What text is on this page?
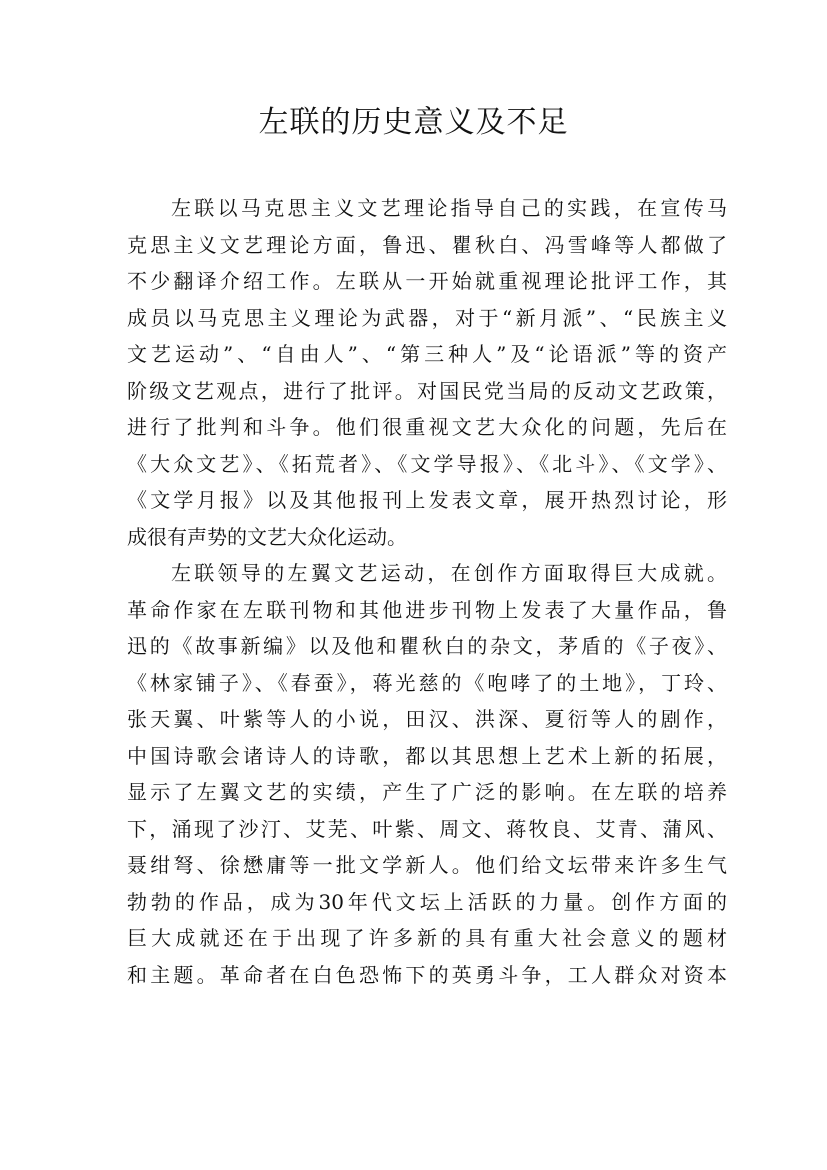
左联的历史意义及不足
左联以马克思主义文艺理论指导自己的实践，在宣传马
克思主义文艺理论方面，鲁迅、瞿秋白、冯雪峰等人都做了
不少翻译介绍工作。左联从一开始就重视理论批评工作，其
成员以马克思主义理论为武器，对于“新月派”、“民族主义
文艺运动”、“自由人”、“第三种人”及“论语派”等的资产
阶级文艺观点，进行了批评。对国民党当局的反动文艺政策，
进行了批判和斗争。他们很重视文艺大众化的问题，先后在
《大众文艺》、《拓荒者》、《文学导报》、《北斗》、《文学》、
《文学月报》以及其他报刊上发表文章，展开热烈讨论，形
成很有声势的文艺大众化运动。
左联领导的左翼文艺运动，在创作方面取得巨大成就。
革命作家在左联刊物和其他进步刊物上发表了大量作品，鲁
迅的《故事新编》以及他和瞿秋白的杂文，茅盾的《子夜》、
《林家铺子》、《春蚕》，蒋光慈的《咆哮了的土地》，丁玲、
张天翼、叶紫等人的小说，田汉、洪深、夏衍等人的剧作，
中国诗歌会诸诗人的诗歌，都以其思想上艺术上新的拓展，
显示了左翼文艺的实绩，产生了广泛的影响。在左联的培养
下，涌现了沙汀、艾芜、叶紫、周文、蒋牧良、艾青、蒲风、
聂绀弩、徐懋庸等一批文学新人。他们给文坛带来许多生气
勃勃的作品，成为30年代文坛上活跃的力量。创作方面的
巨大成就还在于出现了许多新的具有重大社会意义的题材
和主题。革命者在白色恐怖下的英勇斗争，工人群众对资本
